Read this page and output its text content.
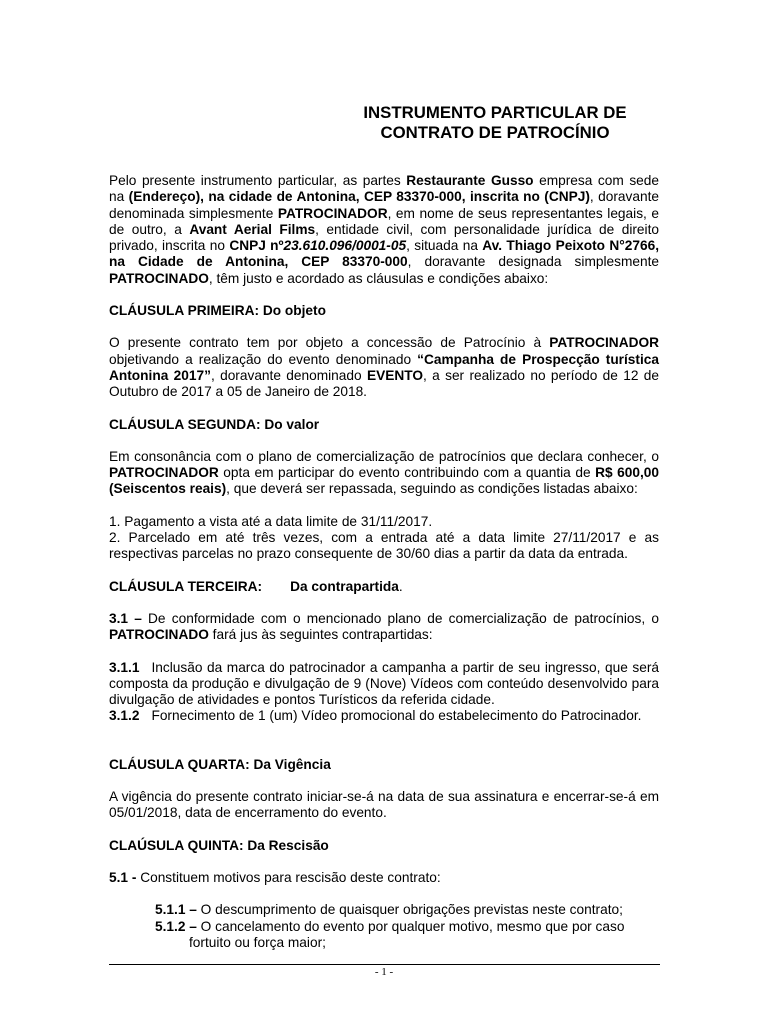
INSTRUMENTO PARTICULAR DE
CONTRATO DE PATROCÍNIO

Pelo presente instrumento particular, as partes Restaurante Gusso empresa com sede na (Endereço), na cidade de Antonina, CEP 83370-000, inscrita no (CNPJ), doravante denominada simplesmente PATROCINADOR, em nome de seus representantes legais, e de outro, a Avant Aerial Films, entidade civil, com personalidade jurídica de direito privado, inscrita no CNPJ nº23.610.096/0001-05, situada na Av. Thiago Peixoto N°2766, na Cidade de Antonina, CEP 83370-000, doravante designada simplesmente PATROCINADO, têm justo e acordado as cláusulas e condições abaixo:

CLÁUSULA PRIMEIRA: Do objeto

O presente contrato tem por objeto a concessão de Patrocínio à PATROCINADOR objetivando a realização do evento denominado “Campanha de Prospecção turística Antonina 2017”, doravante denominado EVENTO, a ser realizado no período de 12 de Outubro de 2017 a 05 de Janeiro de 2018.

CLÁUSULA SEGUNDA: Do valor

Em consonância com o plano de comercialização de patrocínios que declara conhecer, o PATROCINADOR opta em participar do evento contribuindo com a quantia de R$ 600,00 (Seiscentos reais), que deverá ser repassada, seguindo as condições listadas abaixo:

1. Pagamento a vista até a data limite de 31/11/2017.

2. Parcelado em até três vezes, com a entrada até a data limite 27/11/2017 e as respectivas parcelas no prazo consequente de 30/60 dias a partir da data da entrada.

CLÁUSULA TERCEIRA: Da contrapartida.

3.1 – De conformidade com o mencionado plano de comercialização de patrocínios, o PATROCINADO fará jus às seguintes contrapartidas:

3.1.1 Inclusão da marca do patrocinador a campanha a partir de seu ingresso, que será composta da produção e divulgação de 9 (Nove) Vídeos com conteúdo desenvolvido para divulgação de atividades e pontos Turísticos da referida cidade.

3.1.2 Fornecimento de 1 (um) Vídeo promocional do estabelecimento do Patrocinador.

CLÁUSULA QUARTA: Da Vigência

A vigência do presente contrato iniciar-se-á na data de sua assinatura e encerrar-se-á em 05/01/2018, data de encerramento do evento.

CLAÚSULA QUINTA: Da Rescisão

5.1 - Constituem motivos para rescisão deste contrato:

5.1.1 – O descumprimento de quaisquer obrigações previstas neste contrato;

5.1.2 – O cancelamento do evento por qualquer motivo, mesmo que por caso

fortuito ou força maior;

- 1 -
